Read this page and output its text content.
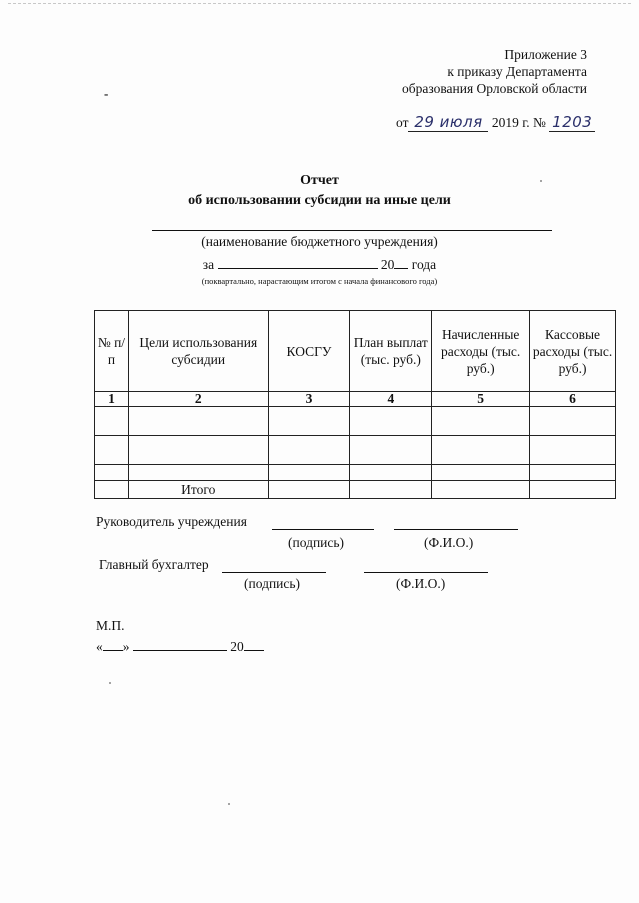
Приложение 3
к приказу Департамента
образования Орловской области
-
от 29 июля 2019 г. № 1203
Отчет
об использовании субсидии на иные цели
(наименование бюджетного учреждения)
за	20 года
(поквартально, нарастающим итогом с начала финансового года)
№ п/п	Цели использования субсидии	КОСГУ	План выплат (тыс. руб.)	Начисленные расходы (тыс. руб.)	Кассовые расходы (тыс. руб.)
1	2	3	4	5	6

	Итого				
Руководитель учреждения
(подпись)	(Ф.И.О.)
Главный бухгалтер
(подпись)	(Ф.И.О.)
М.П.
« »	20
